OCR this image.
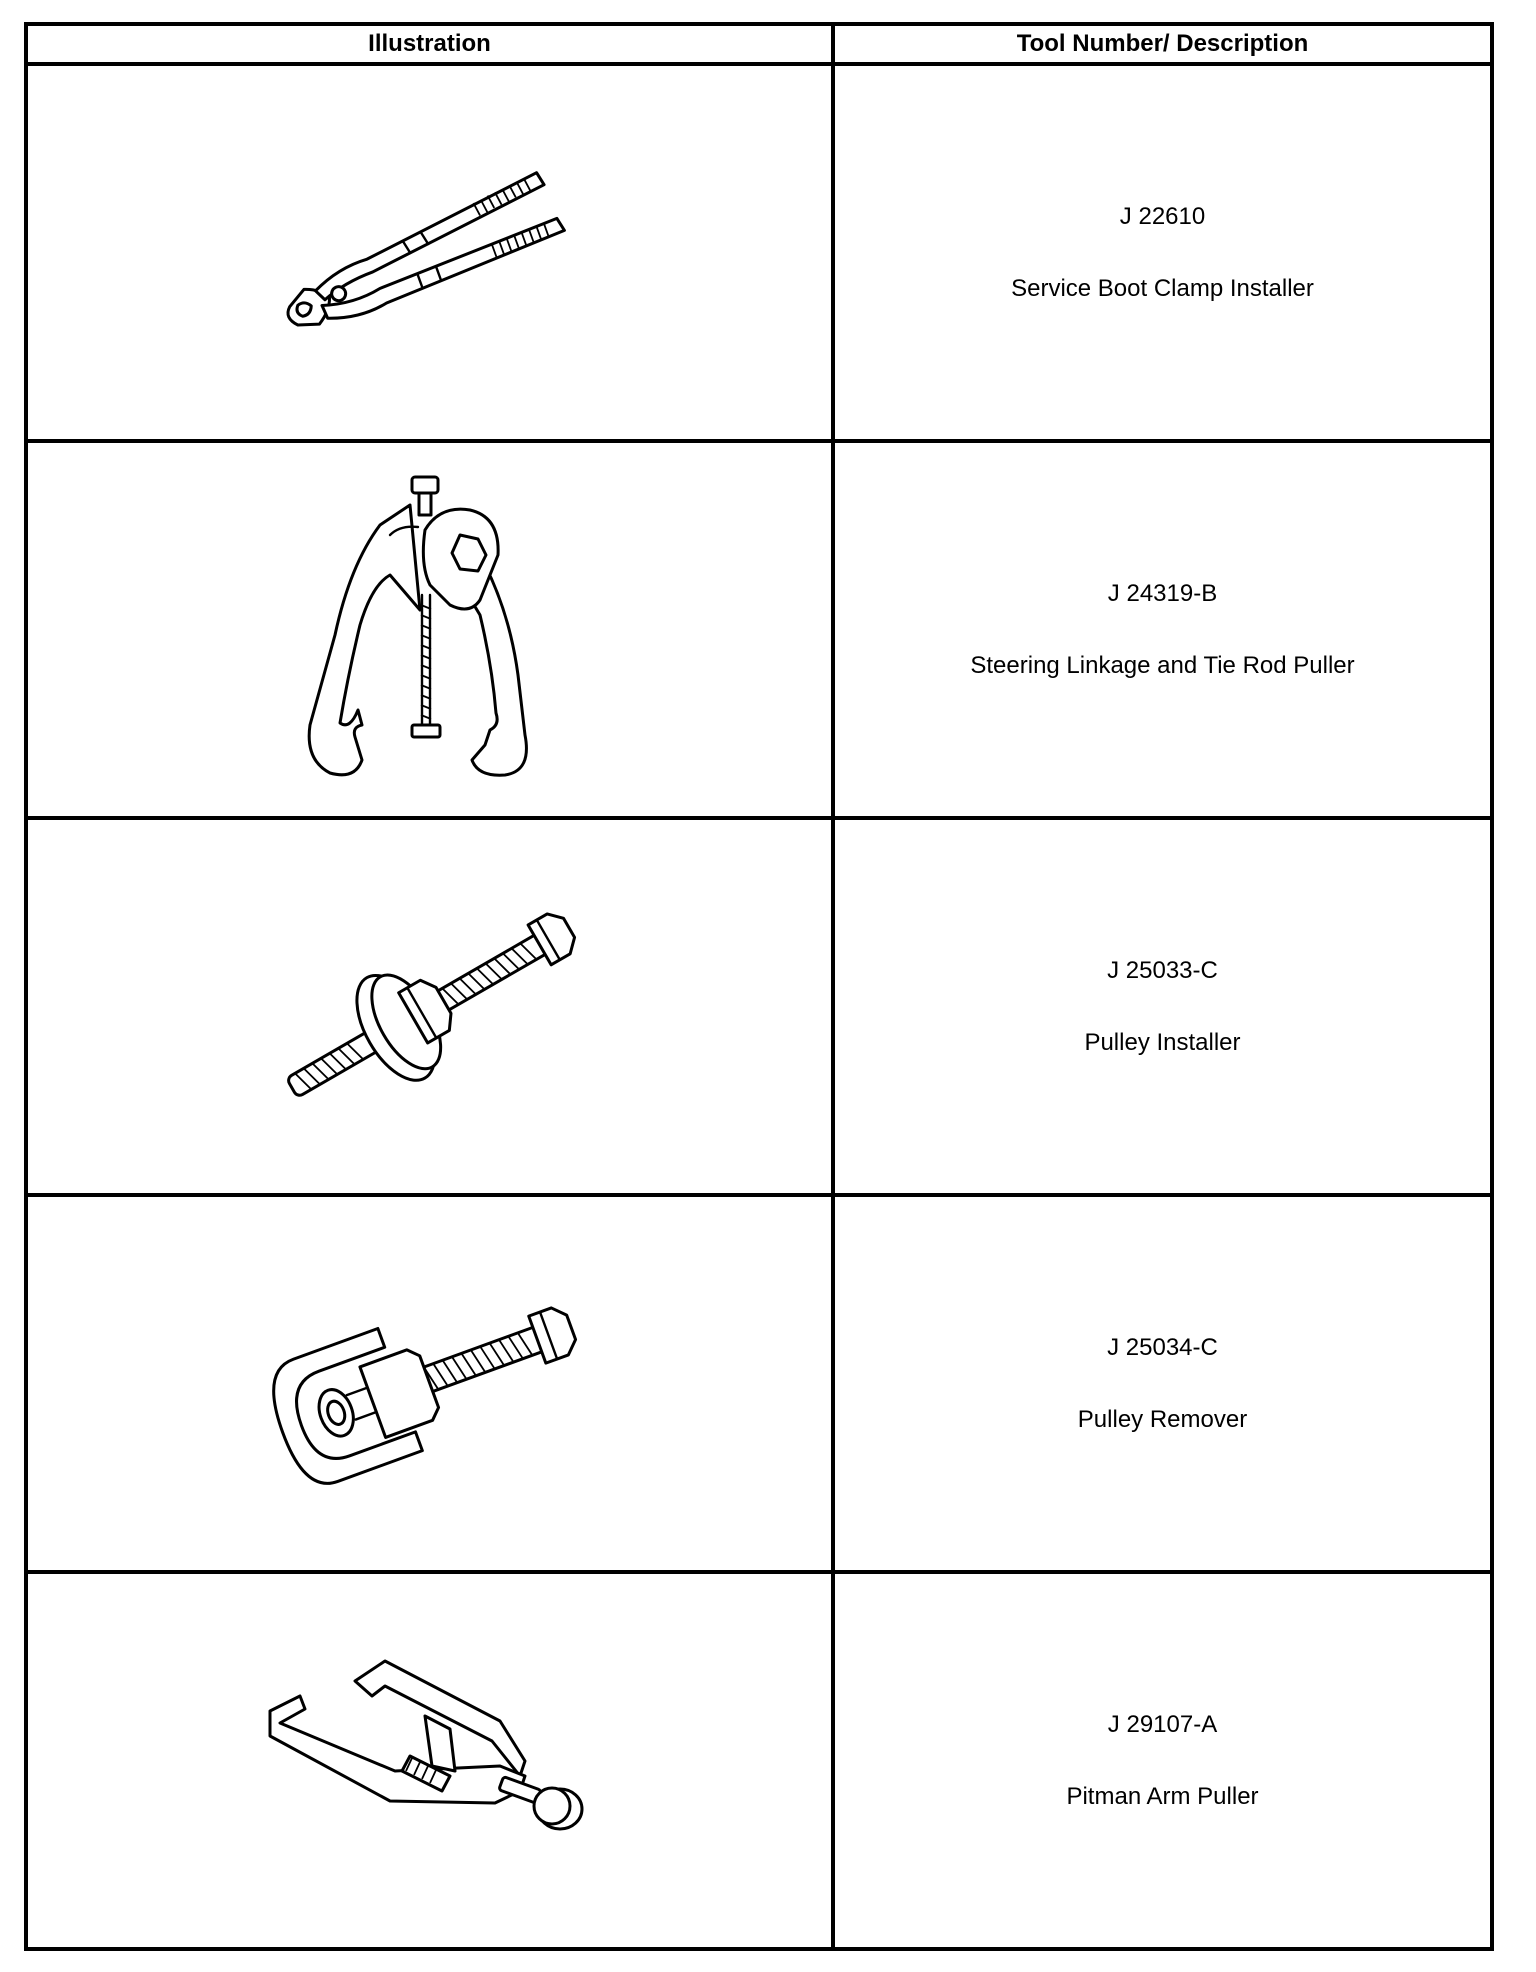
Illustration	Tool Number/ Description

J 22610
Service Boot Clamp Installer

J 24319-B
Steering Linkage and Tie Rod Puller

J 25033-C
Pulley Installer

J 25034-C
Pulley Remover

J 29107-A
Pitman Arm Puller
